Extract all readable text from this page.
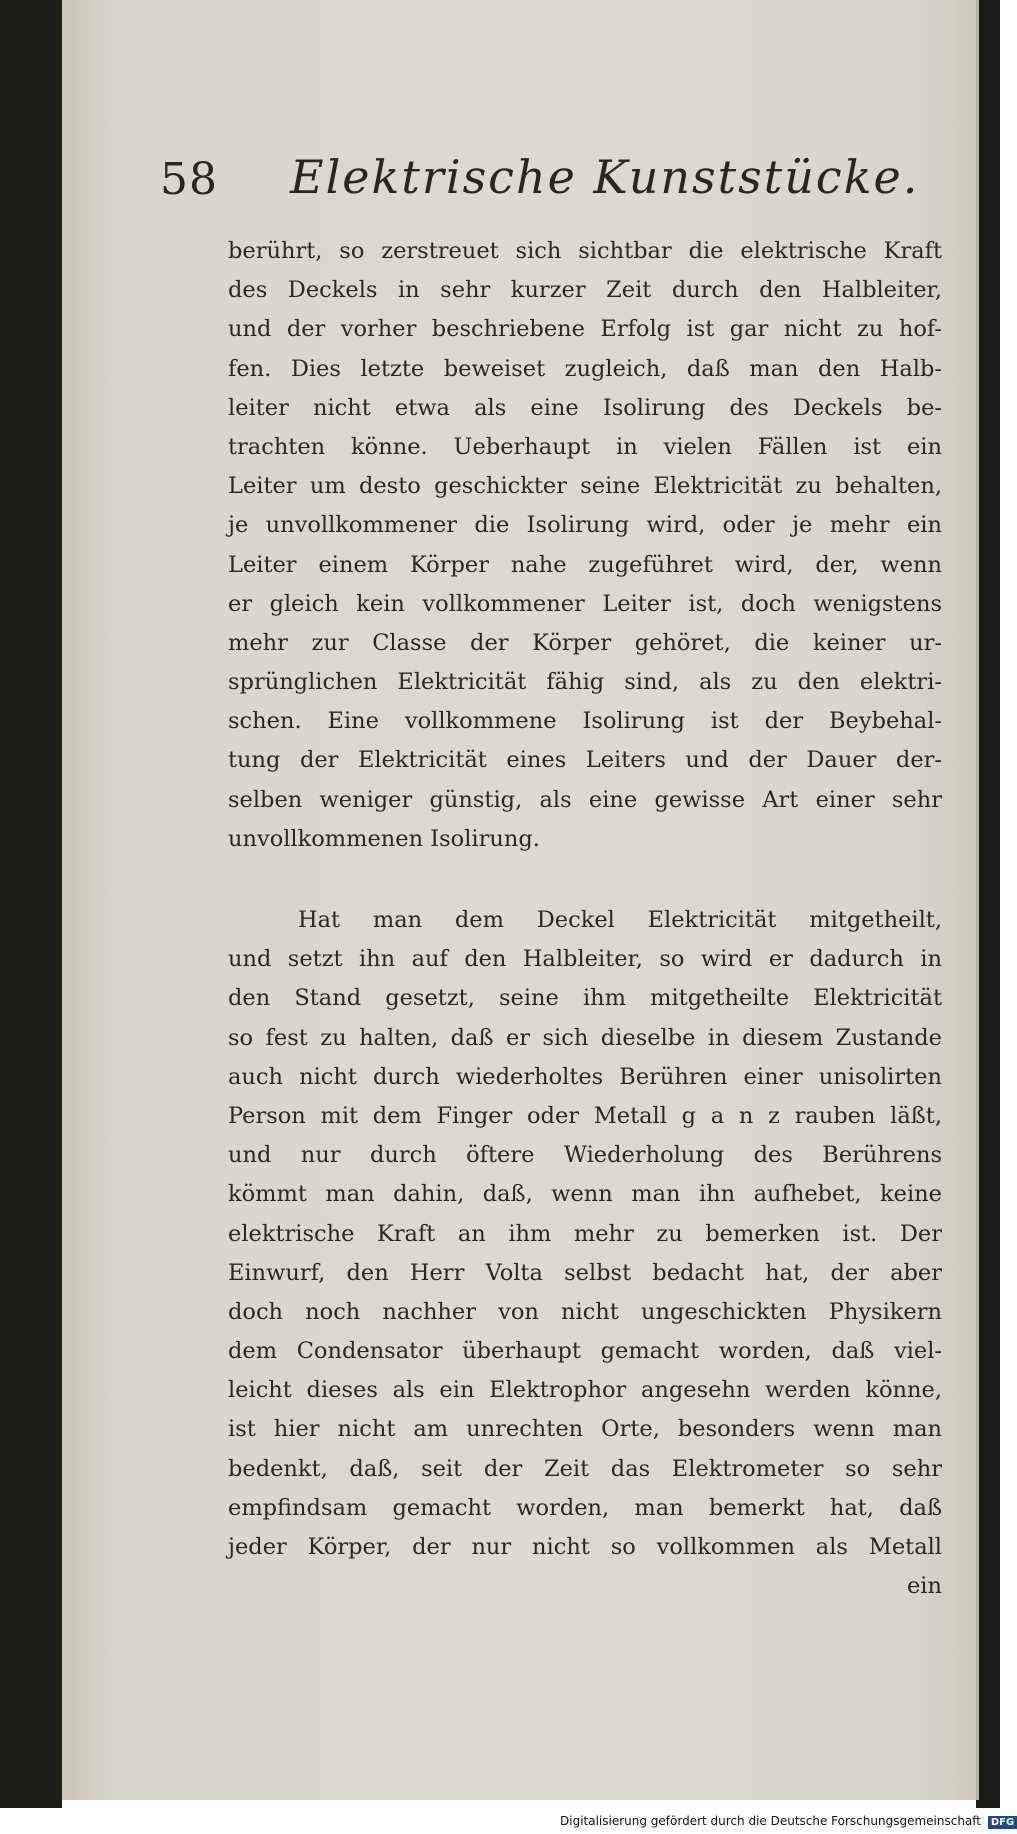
58 Elektrische Kunststücke.
berührt, so zerstreuet sich sichtbar die elektrische Kraft
des Deckels in sehr kurzer Zeit durch den Halbleiter,
und der vorher beschriebene Erfolg ist gar nicht zu hof-
fen. Dies letzte beweiset zugleich, daß man den Halb-
leiter nicht etwa als eine Isolirung des Deckels be-
trachten könne. Ueberhaupt in vielen Fällen ist ein
Leiter um desto geschickter seine Elektricität zu behalten,
je unvollkommener die Isolirung wird, oder je mehr ein
Leiter einem Körper nahe zugeführet wird, der, wenn
er gleich kein vollkommener Leiter ist, doch wenigstens
mehr zur Classe der Körper gehöret, die keiner ur-
sprünglichen Elektricität fähig sind, als zu den elektri-
schen. Eine vollkommene Isolirung ist der Beybehal-
tung der Elektricität eines Leiters und der Dauer der-
selben weniger günstig, als eine gewisse Art einer sehr
unvollkommenen Isolirung.
Hat man dem Deckel Elektricität mitgetheilt,
und setzt ihn auf den Halbleiter, so wird er dadurch in
den Stand gesetzt, seine ihm mitgetheilte Elektricität
so fest zu halten, daß er sich dieselbe in diesem Zustande
auch nicht durch wiederholtes Berühren einer unisolirten
Person mit dem Finger oder Metall g a n z rauben läßt,
und nur durch öftere Wiederholung des Berührens
kömmt man dahin, daß, wenn man ihn aufhebet, keine
elektrische Kraft an ihm mehr zu bemerken ist. Der
Einwurf, den Herr Volta selbst bedacht hat, der aber
doch noch nachher von nicht ungeschickten Physikern
dem Condensator überhaupt gemacht worden, daß viel-
leicht dieses als ein Elektrophor angesehn werden könne,
ist hier nicht am unrechten Orte, besonders wenn man
bedenkt, daß, seit der Zeit das Elektrometer so sehr
empfindsam gemacht worden, man bemerkt hat, daß
jeder Körper, der nur nicht so vollkommen als Metall
ein
Digitalisierung gefördert durch die Deutsche Forschungsgemeinschaft DFG
